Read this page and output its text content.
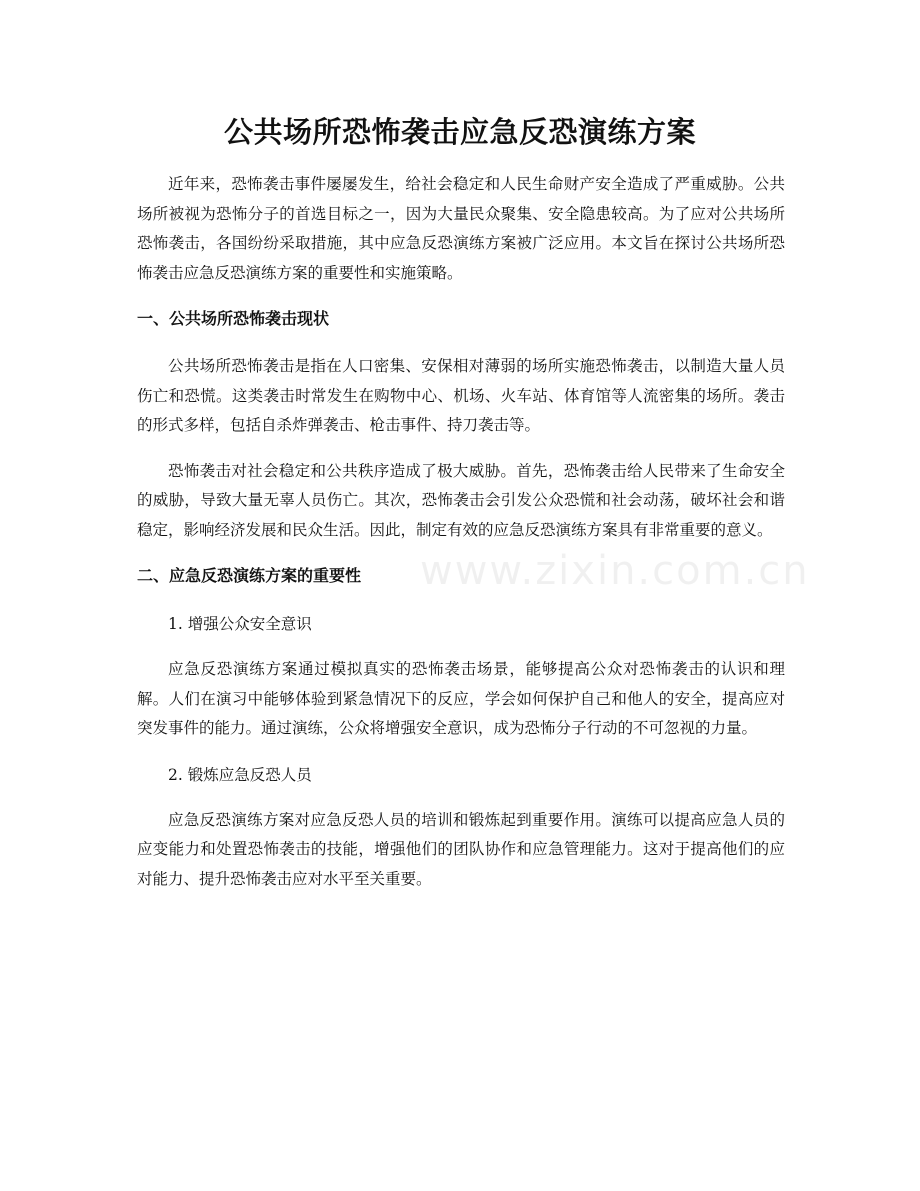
公共场所恐怖袭击应急反恐演练方案
www.zixin.com.cn

近年来，恐怖袭击事件屡屡发生，给社会稳定和人民生命财产安全造成了严重威胁。公共场所被视为恐怖分子的首选目标之一，因为大量民众聚集、安全隐患较高。为了应对公共场所恐怖袭击，各国纷纷采取措施，其中应急反恐演练方案被广泛应用。本文旨在探讨公共场所恐怖袭击应急反恐演练方案的重要性和实施策略。

一、公共场所恐怖袭击现状

公共场所恐怖袭击是指在人口密集、安保相对薄弱的场所实施恐怖袭击，以制造大量人员伤亡和恐慌。这类袭击时常发生在购物中心、机场、火车站、体育馆等人流密集的场所。袭击的形式多样，包括自杀炸弹袭击、枪击事件、持刀袭击等。

恐怖袭击对社会稳定和公共秩序造成了极大威胁。首先，恐怖袭击给人民带来了生命安全的威胁，导致大量无辜人员伤亡。其次，恐怖袭击会引发公众恐慌和社会动荡，破坏社会和谐稳定，影响经济发展和民众生活。因此，制定有效的应急反恐演练方案具有非常重要的意义。

二、应急反恐演练方案的重要性

1. 增强公众安全意识

应急反恐演练方案通过模拟真实的恐怖袭击场景，能够提高公众对恐怖袭击的认识和理解。人们在演习中能够体验到紧急情况下的反应，学会如何保护自己和他人的安全，提高应对突发事件的能力。通过演练，公众将增强安全意识，成为恐怖分子行动的不可忽视的力量。

2. 锻炼应急反恐人员

应急反恐演练方案对应急反恐人员的培训和锻炼起到重要作用。演练可以提高应急人员的应变能力和处置恐怖袭击的技能，增强他们的团队协作和应急管理能力。这对于提高他们的应对能力、提升恐怖袭击应对水平至关重要。
